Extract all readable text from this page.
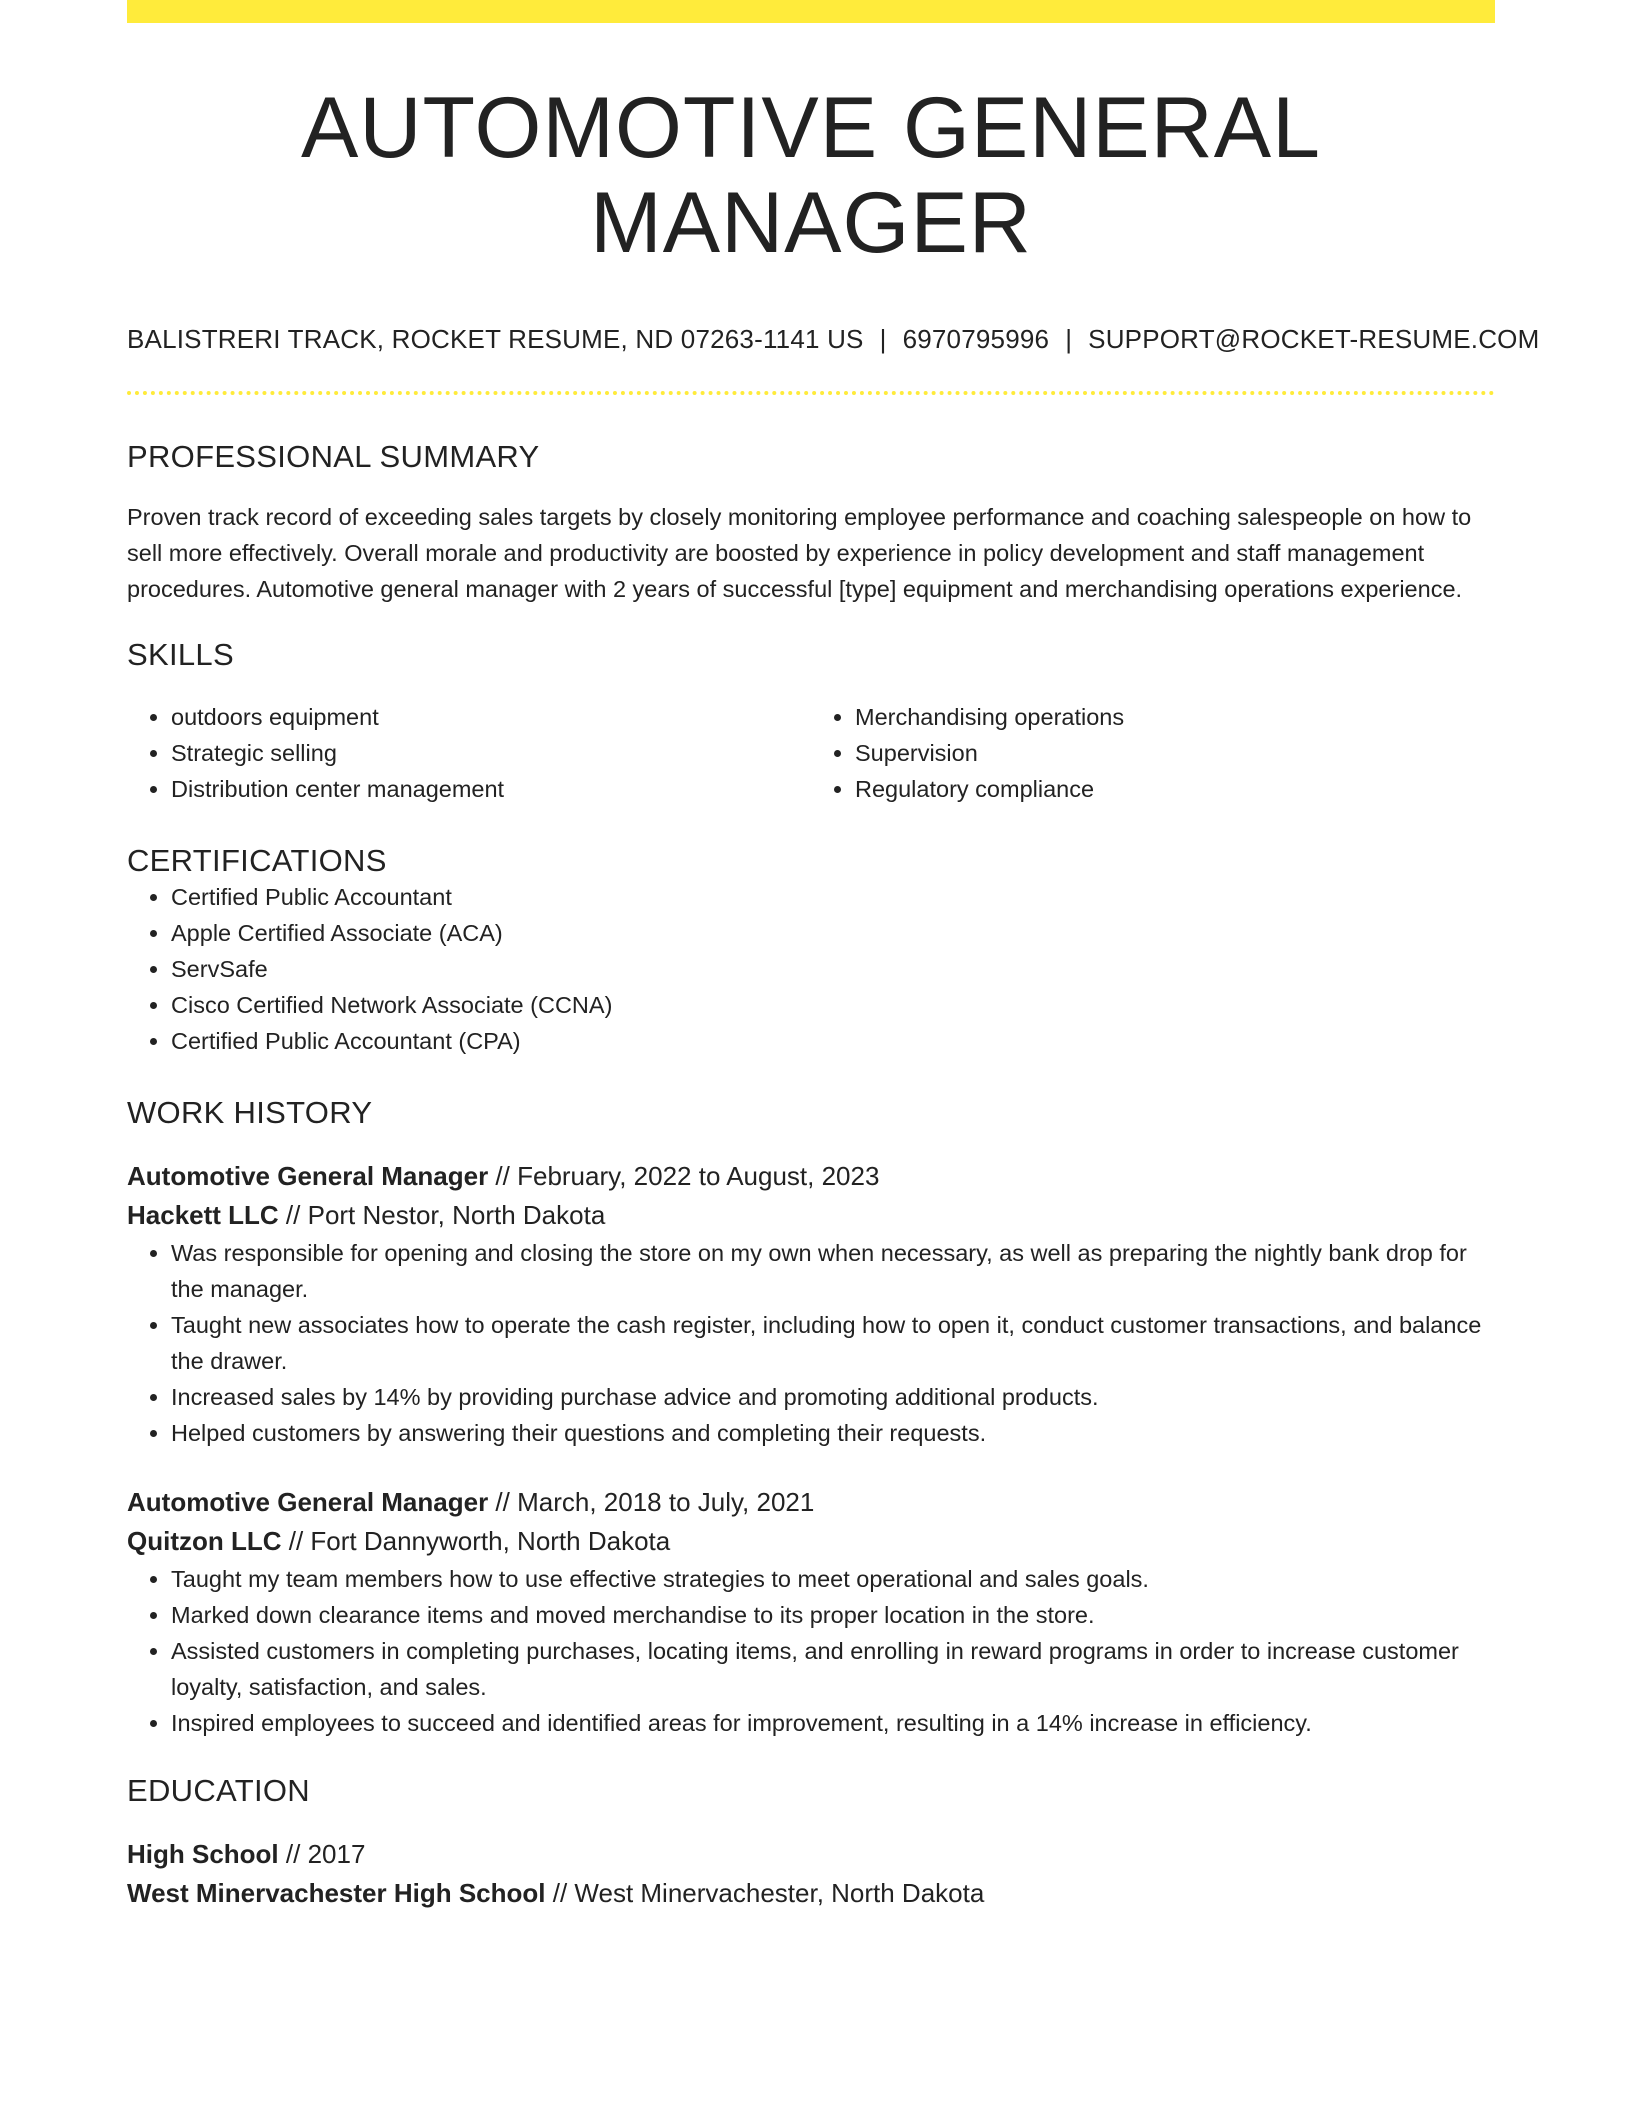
AUTOMOTIVE GENERAL MANAGER
BALISTRERI TRACK, ROCKET RESUME, ND 07263-1141 US | 6970795996 | SUPPORT@ROCKET-RESUME.COM
PROFESSIONAL SUMMARY

Proven track record of exceeding sales targets by closely monitoring employee performance and coaching salespeople on how to sell more effectively. Overall morale and productivity are boosted by experience in policy development and staff management procedures. Automotive general manager with 2 years of successful [type] equipment and merchandising operations experience.

SKILLS
• outdoors equipment
• Strategic selling
• Distribution center management
• Merchandising operations
• Supervision
• Regulatory compliance
CERTIFICATIONS
• Certified Public Accountant
• Apple Certified Associate (ACA)
• ServSafe
• Cisco Certified Network Associate (CCNA)
• Certified Public Accountant (CPA)
WORK HISTORY
Automotive General Manager // February, 2022 to August, 2023
Hackett LLC // Port Nestor, North Dakota
• Was responsible for opening and closing the store on my own when necessary, as well as preparing the nightly bank drop for the manager.
• Taught new associates how to operate the cash register, including how to open it, conduct customer transactions, and balance the drawer.
• Increased sales by 14% by providing purchase advice and promoting additional products.
• Helped customers by answering their questions and completing their requests.
Automotive General Manager // March, 2018 to July, 2021
Quitzon LLC // Fort Dannyworth, North Dakota
• Taught my team members how to use effective strategies to meet operational and sales goals.
• Marked down clearance items and moved merchandise to its proper location in the store.
• Assisted customers in completing purchases, locating items, and enrolling in reward programs in order to increase customer loyalty, satisfaction, and sales.
• Inspired employees to succeed and identified areas for improvement, resulting in a 14% increase in efficiency.
EDUCATION
High School // 2017
West Minervachester High School // West Minervachester, North Dakota
